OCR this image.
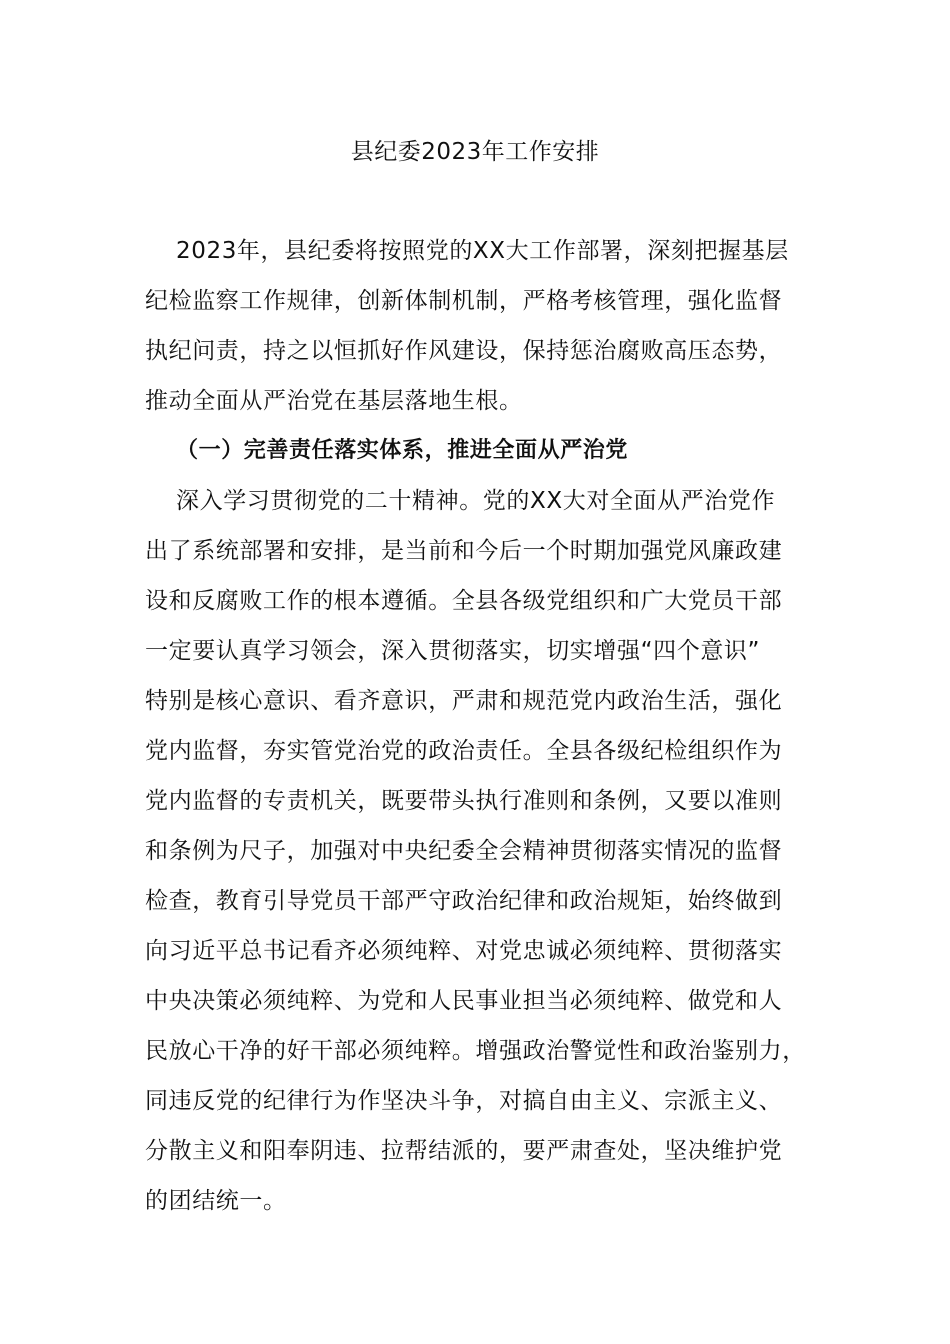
县纪委2023年工作安排
2023年，县纪委将按照党的XX大工作部署，深刻把握基层
纪检监察工作规律，创新体制机制，严格考核管理，强化监督
执纪问责，持之以恒抓好作风建设，保持惩治腐败高压态势，
推动全面从严治党在基层落地生根。
（一）完善责任落实体系，推进全面从严治党
深入学习贯彻党的二十精神。党的XX大对全面从严治党作
出了系统部署和安排，是当前和今后一个时期加强党风廉政建
设和反腐败工作的根本遵循。全县各级党组织和广大党员干部
一定要认真学习领会，深入贯彻落实，切实增强“四个意识”
特别是核心意识、看齐意识，严肃和规范党内政治生活，强化
党内监督，夯实管党治党的政治责任。全县各级纪检组织作为
党内监督的专责机关，既要带头执行准则和条例，又要以准则
和条例为尺子，加强对中央纪委全会精神贯彻落实情况的监督
检查，教育引导党员干部严守政治纪律和政治规矩，始终做到
向习近平总书记看齐必须纯粹、对党忠诚必须纯粹、贯彻落实
中央决策必须纯粹、为党和人民事业担当必须纯粹、做党和人
民放心干净的好干部必须纯粹。增强政治警觉性和政治鉴别力，
同违反党的纪律行为作坚决斗争，对搞自由主义、宗派主义、
分散主义和阳奉阴违、拉帮结派的，要严肃查处，坚决维护党
的团结统一。
